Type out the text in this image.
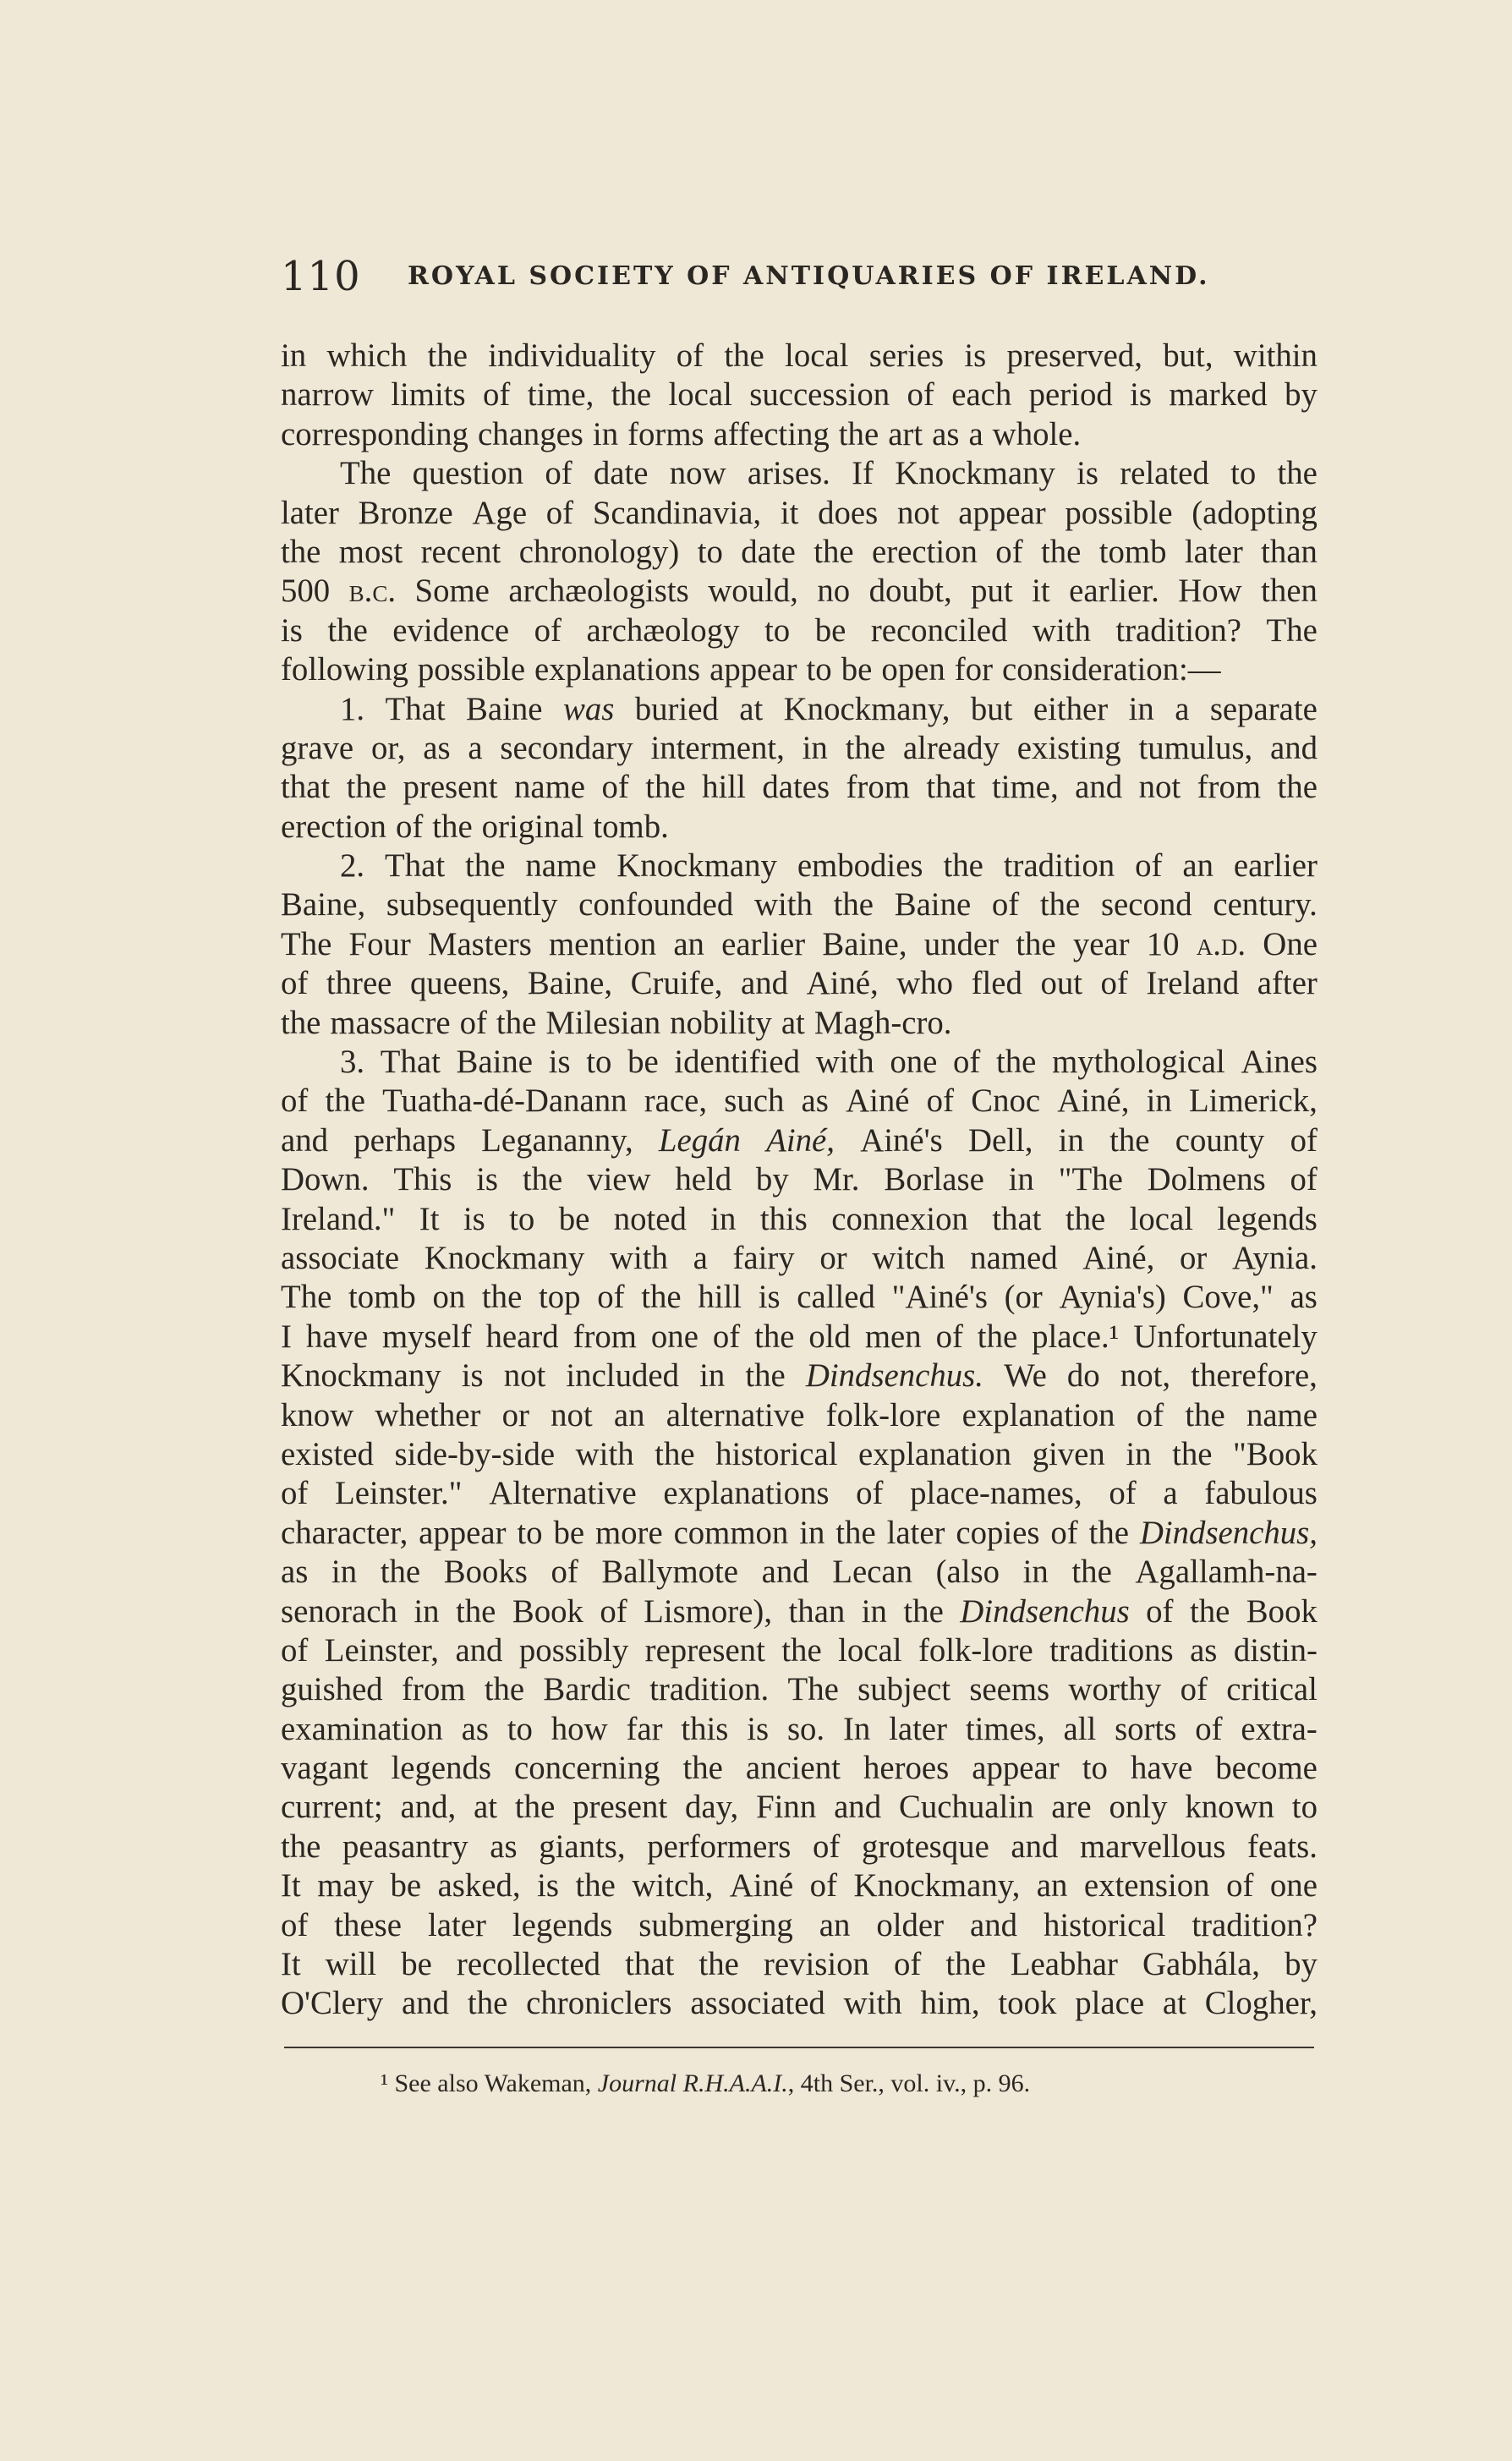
110 ROYAL SOCIETY OF ANTIQUARIES OF IRELAND.
in which the individuality of the local series is preserved, but, within
narrow limits of time, the local succession of each period is marked by
corresponding changes in forms affecting the art as a whole.
The question of date now arises. If Knockmany is related to the
later Bronze Age of Scandinavia, it does not appear possible (adopting
the most recent chronology) to date the erection of the tomb later than
500 b.c. Some archæologists would, no doubt, put it earlier. How then
is the evidence of archæology to be reconciled with tradition? The
following possible explanations appear to be open for consideration:—
1. That Baine was buried at Knockmany, but either in a separate
grave or, as a secondary interment, in the already existing tumulus, and
that the present name of the hill dates from that time, and not from the
erection of the original tomb.
2. That the name Knockmany embodies the tradition of an earlier
Baine, subsequently confounded with the Baine of the second century.
The Four Masters mention an earlier Baine, under the year 10 a.d. One
of three queens, Baine, Cruife, and Ainé, who fled out of Ireland after
the massacre of the Milesian nobility at Magh-cro.
3. That Baine is to be identified with one of the mythological Aines
of the Tuatha-dé-Danann race, such as Ainé of Cnoc Ainé, in Limerick,
and perhaps Legananny, Legán Ainé, Ainé's Dell, in the county of
Down. This is the view held by Mr. Borlase in "The Dolmens of
Ireland." It is to be noted in this connexion that the local legends
associate Knockmany with a fairy or witch named Ainé, or Aynia.
The tomb on the top of the hill is called "Ainé's (or Aynia's) Cove," as
I have myself heard from one of the old men of the place.¹ Unfortunately
Knockmany is not included in the Dindsenchus. We do not, therefore,
know whether or not an alternative folk-lore explanation of the name
existed side-by-side with the historical explanation given in the "Book
of Leinster." Alternative explanations of place-names, of a fabulous
character, appear to be more common in the later copies of the Dindsenchus,
as in the Books of Ballymote and Lecan (also in the Agallamh-na-
senorach in the Book of Lismore), than in the Dindsenchus of the Book
of Leinster, and possibly represent the local folk-lore traditions as distin-
guished from the Bardic tradition. The subject seems worthy of critical
examination as to how far this is so. In later times, all sorts of extra-
vagant legends concerning the ancient heroes appear to have become
current; and, at the present day, Finn and Cuchualin are only known to
the peasantry as giants, performers of grotesque and marvellous feats.
It may be asked, is the witch, Ainé of Knockmany, an extension of one
of these later legends submerging an older and historical tradition?
It will be recollected that the revision of the Leabhar Gabhála, by
O'Clery and the chroniclers associated with him, took place at Clogher,
¹ See also Wakeman, Journal R.H.A.A.I., 4th Ser., vol. iv., p. 96.
